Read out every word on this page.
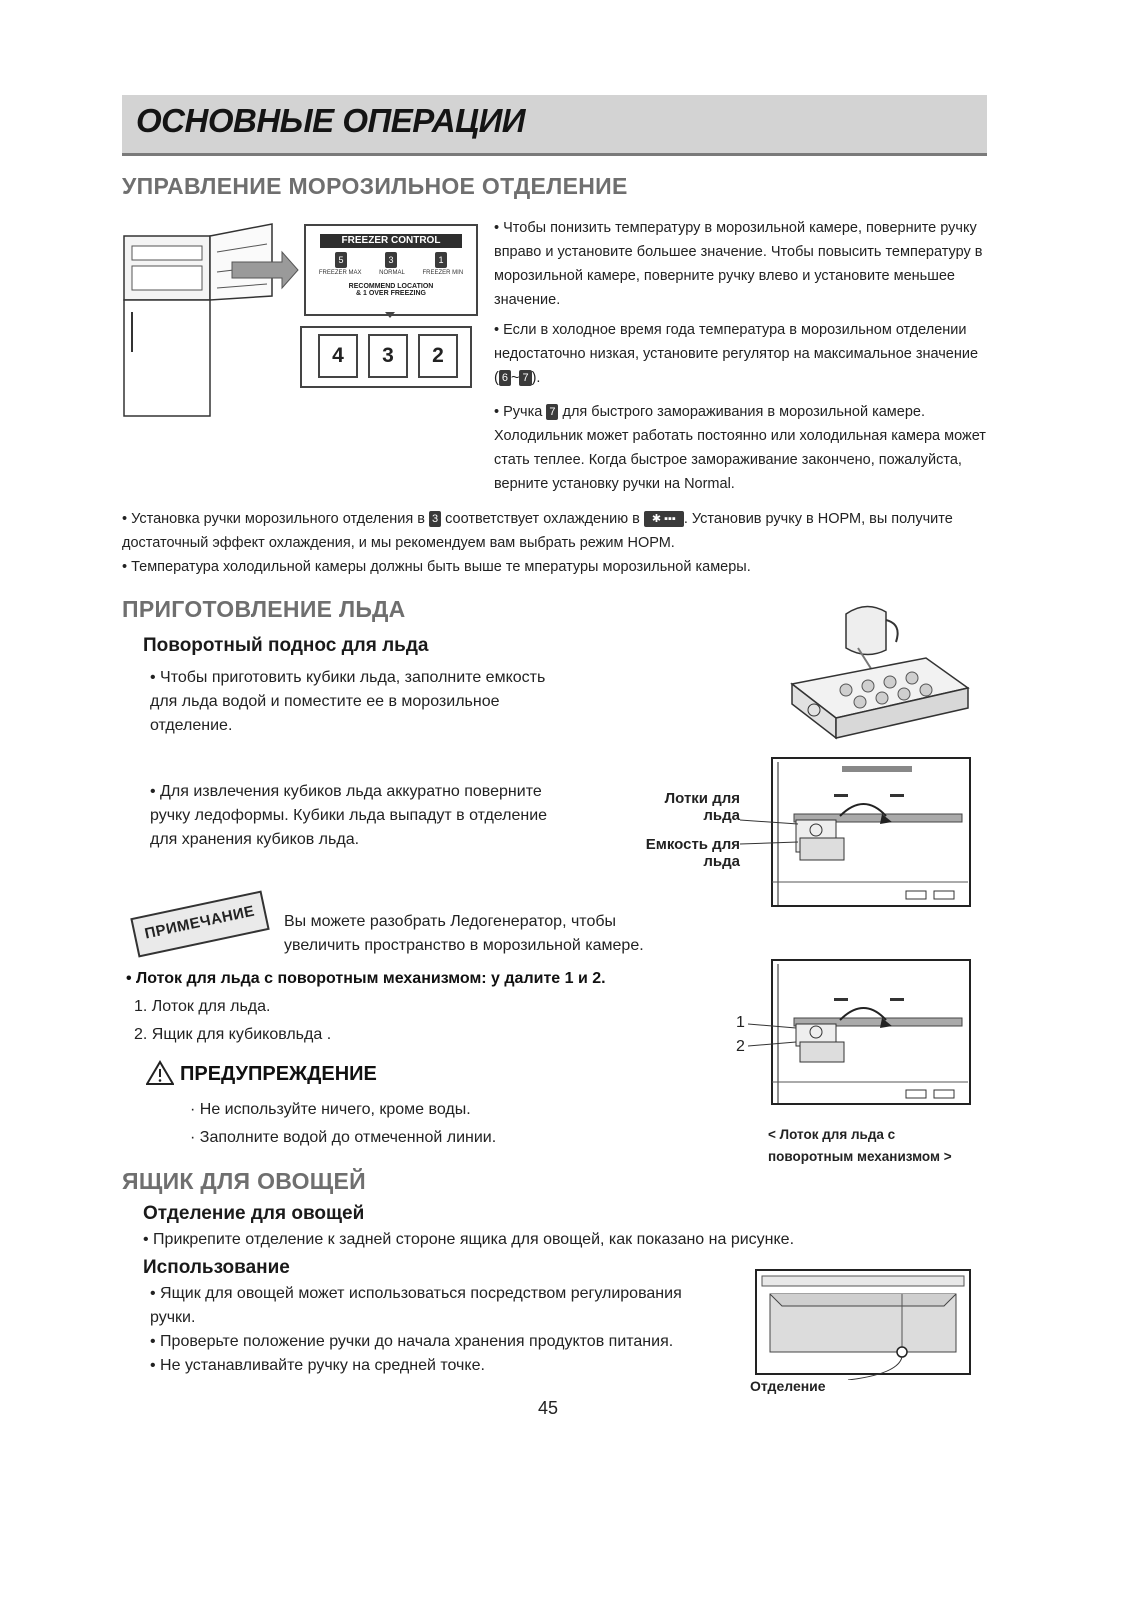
ОСНОВНЫЕ ОПЕРАЦИИ
УПРАВЛЕНИЕ МОРОЗИЛЬНОЕ ОТДЕЛЕНИЕ
FREEZER CONTROL
5	3	1
FREEZER MAX	NORMAL	FREEZER MIN
RECOMMEND LOCATION
& 1 OVER FREEZING
4	3	2
• Чтобы понизить температуру в морозильной камере, поверните ручку вправо и установите большее значение. Чтобы повысить температуру в морозильной камере, поверните ручку влево и установите меньшее значение.
• Если в холодное время года температура в морозильном отделении недостаточно низкая, установите регулятор на максимальное значение ( 6 ~ 7 ).
• Ручка 7 для быстрого замораживания в морозильной камере. Холодильник может работать постоянно или холодильная камера может стать теплее. Когда быстрое замораживание закончено, пожалуйста, верните установку ручки на Normal.
• Установка ручки морозильного отделения в 3 соответствует охлаждению в ✱ ▪▪▪ . Установив ручку в НОРМ, вы получите достаточный эффект охлаждения, и мы рекомендуем вам выбрать режим НОРМ.
• Температура холодильной камеры должны быть выше те мпературы морозильной камеры.
ПРИГОТОВЛЕНИЕ ЛЬДА
Поворотный поднос для льда
• Чтобы приготовить кубики льда, заполните емкость для льда водой и поместите ее в морозильное отделение.
• Для извлечения кубиков льда аккуратно поверните ручку ледоформы. Кубики льда выпадут в отделение для хранения кубиков льда.
Лотки для
льда
Емкость для
льда
ПРИМЕЧАНИЕ	Вы можете разобрать Ледогенератор, чтобы
увеличить пространство в морозильной камере.
• Лоток для льда с поворотным механизмом: у далите 1 и 2.
1. Лоток для льда.
2. Ящик для кубиковльда .
ПРЕДУПРЕЖДЕНИЕ
· Не используйте ничего, кроме воды.
· Заполните водой до отмеченной линии.
1
2
< Лоток для льда с
поворотным механизмом >
ЯЩИК ДЛЯ ОВОЩЕЙ
Отделение для овощей
• Прикрепите отделение к задней стороне ящика для овощей, как показано на рисунке.
Использование
• Ящик для овощей может использоваться посредством регулирования ручки.
• Проверьте положение ручки до начала хранения продуктов питания.
• Не устанавливайте ручку на средней точке.
Отделение
45
